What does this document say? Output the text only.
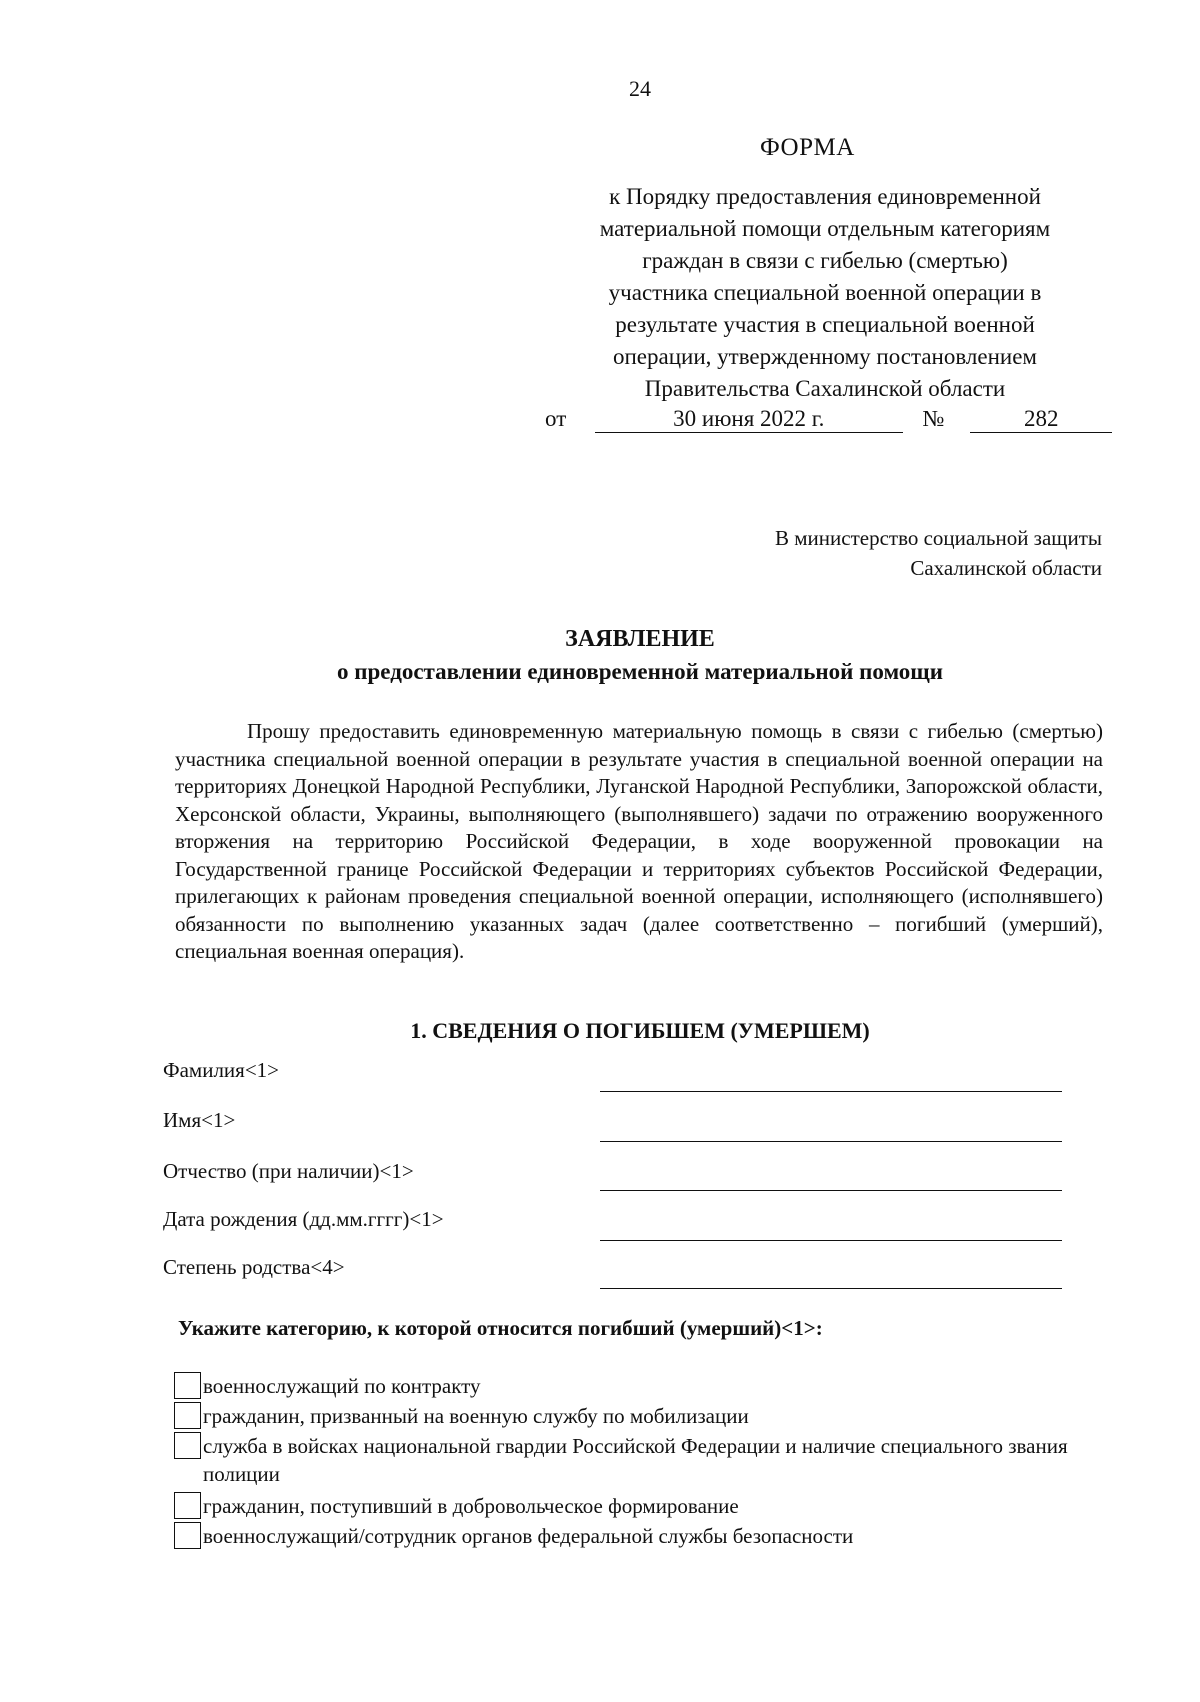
24
ФОРМА
к Порядку предоставления единовременной
материальной помощи отдельным категориям
граждан в связи с гибелью (смертью)
участника специальной военной операции в
результате участия в специальной военной
операции, утвержденному постановлением
Правительства Сахалинской области
от	30 июня 2022 г.	№	282
В министерство социальной защиты
Сахалинской области
ЗАЯВЛЕНИЕ
о предоставлении единовременной материальной помощи

Прошу предоставить единовременную материальную помощь в связи с гибелью (смертью) участника специальной военной операции в результате участия в специальной военной операции на территориях Донецкой Народной Республики, Луганской Народной Республики, Запорожской области, Херсонской области, Украины, выполняющего (выполнявшего) задачи по отражению вооруженного вторжения на территорию Российской Федерации, в ходе вооруженной провокации на Государственной границе Российской Федерации и территориях субъектов Российской Федерации, прилегающих к районам проведения специальной военной операции, исполняющего (исполнявшего) обязанности по выполнению указанных задач (далее соответственно – погибший (умерший), специальная военная операция).

1. СВЕДЕНИЯ О ПОГИБШЕМ (УМЕРШЕМ)
Фамилия<1>
Имя<1>
Отчество (при наличии)<1>
Дата рождения (дд.мм.гггг)<1>
Степень родства<4>
Укажите категорию, к которой относится погибший (умерший)<1>:
военнослужащий по контракту
гражданин, призванный на военную службу по мобилизации
служба в войсках национальной гвардии Российской Федерации и наличие специального звания полиции
гражданин, поступивший в добровольческое формирование
военнослужащий/сотрудник органов федеральной службы безопасности
